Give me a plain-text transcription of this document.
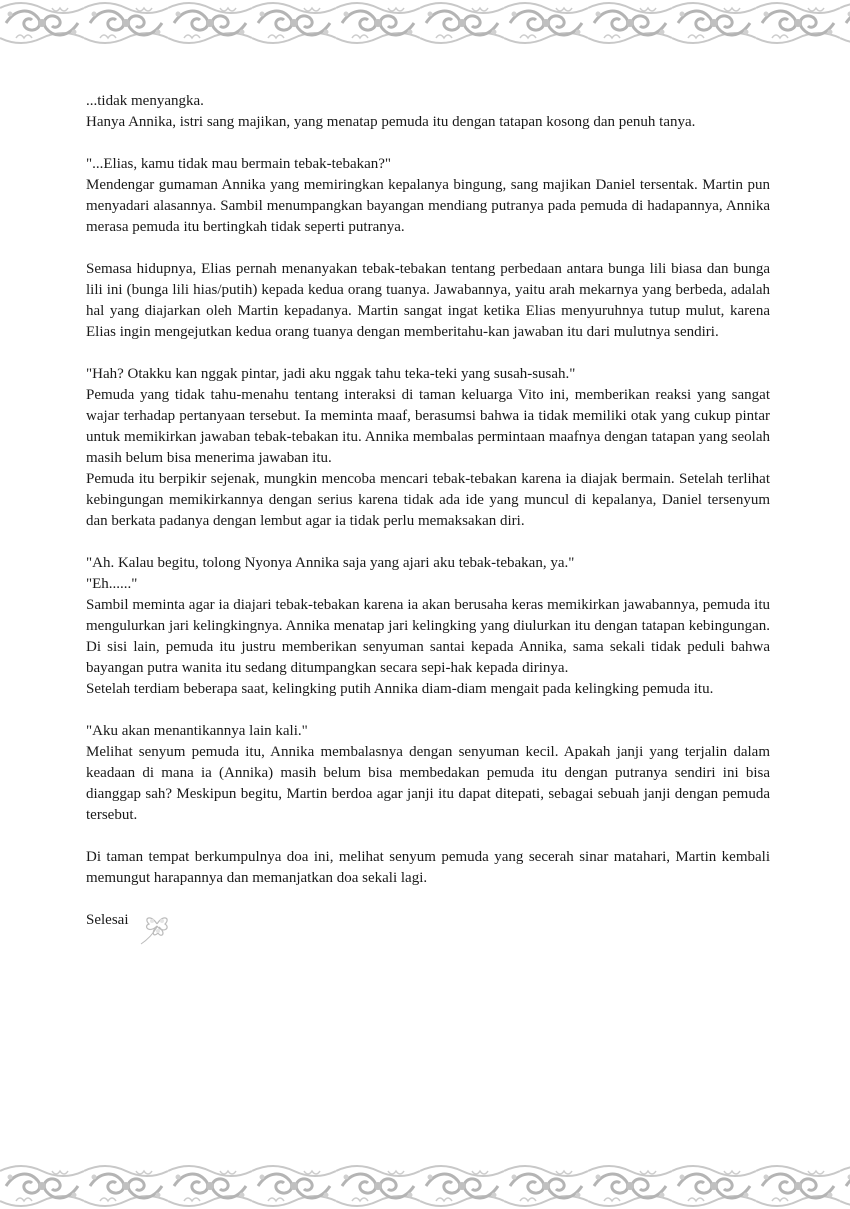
...tidak menyangka.

Hanya Annika, istri sang majikan, yang menatap pemuda itu dengan tatapan kosong dan penuh tanya.

"...Elias, kamu tidak mau bermain tebak-tebakan?"

Mendengar gumaman Annika yang memiringkan kepalanya bingung, sang majikan Daniel tersentak. Martin pun menyadari alasannya. Sambil menumpangkan bayangan mendiang putranya pada pemuda di hadapannya, Annika merasa pemuda itu bertingkah tidak seperti putranya.

Semasa hidupnya, Elias pernah menanyakan tebak-tebakan tentang perbedaan antara bunga lili biasa dan bunga lili ini (bunga lili hias/putih) kepada kedua orang tuanya. Jawabannya, yaitu arah mekarnya yang berbeda, adalah hal yang diajarkan oleh Martin kepadanya. Martin sangat ingat ketika Elias menyuruhnya tutup mulut, karena Elias ingin mengejutkan kedua orang tuanya dengan memberitahu-kan jawaban itu dari mulutnya sendiri.

"Hah? Otakku kan nggak pintar, jadi aku nggak tahu teka-teki yang susah-susah."

Pemuda yang tidak tahu-menahu tentang interaksi di taman keluarga Vito ini, memberikan reaksi yang sangat wajar terhadap pertanyaan tersebut. Ia meminta maaf, berasumsi bahwa ia tidak memiliki otak yang cukup pintar untuk memikirkan jawaban tebak-tebakan itu. Annika membalas permintaan maafnya dengan tatapan yang seolah masih belum bisa menerima jawaban itu.

Pemuda itu berpikir sejenak, mungkin mencoba mencari tebak-tebakan karena ia diajak bermain. Setelah terlihat kebingungan memikirkannya dengan serius karena tidak ada ide yang muncul di kepalanya, Daniel tersenyum dan berkata padanya dengan lembut agar ia tidak perlu memaksakan diri.

"Ah. Kalau begitu, tolong Nyonya Annika saja yang ajari aku tebak-tebakan, ya."

"Eh......"

Sambil meminta agar ia diajari tebak-tebakan karena ia akan berusaha keras memikirkan jawabannya, pemuda itu mengulurkan jari kelingkingnya. Annika menatap jari kelingking yang diulurkan itu dengan tatapan kebingungan. Di sisi lain, pemuda itu justru memberikan senyuman santai kepada Annika, sama sekali tidak peduli bahwa bayangan putra wanita itu sedang ditumpangkan secara sepi-hak kepada dirinya.

Setelah terdiam beberapa saat, kelingking putih Annika diam-diam mengait pada kelingking pemuda itu.

"Aku akan menantikannya lain kali."

Melihat senyum pemuda itu, Annika membalasnya dengan senyuman kecil. Apakah janji yang terjalin dalam keadaan di mana ia (Annika) masih belum bisa membedakan pemuda itu dengan putranya sendiri ini bisa dianggap sah? Meskipun begitu, Martin berdoa agar janji itu dapat ditepati, sebagai sebuah janji dengan pemuda tersebut.

Di taman tempat berkumpulnya doa ini, melihat senyum pemuda yang secerah sinar matahari, Martin kembali memungut harapannya dan memanjatkan doa sekali lagi.

Selesai
